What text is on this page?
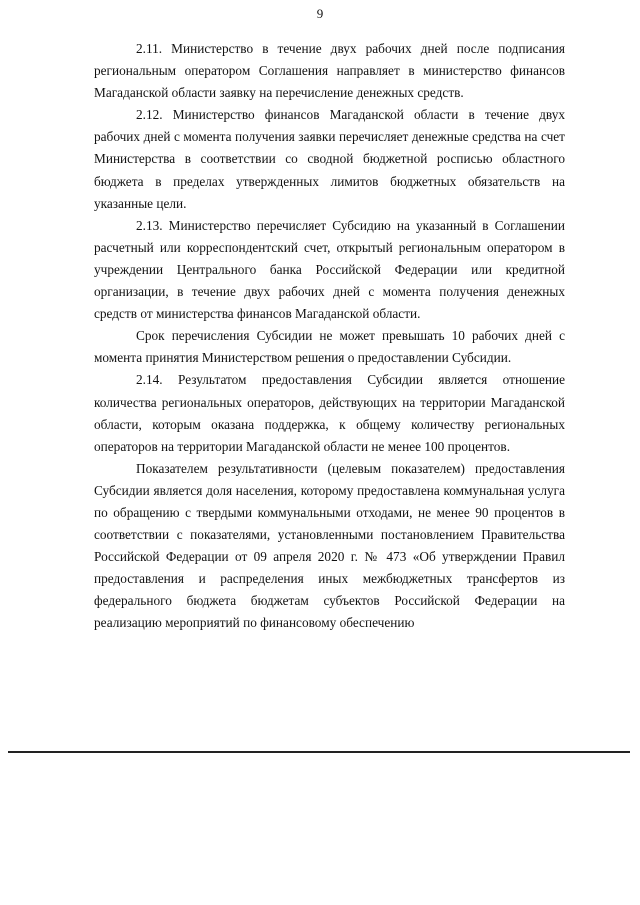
9

2.11. Министерство в течение двух рабочих дней после подписания региональным оператором Соглашения направляет в министерство финансов Магаданской области заявку на перечисление денежных средств.

2.12. Министерство финансов Магаданской области в течение двух рабочих дней с момента получения заявки перечисляет денежные средства на счет Министерства в соответствии со сводной бюджетной росписью областного бюджета в пределах утвержденных лимитов бюджетных обязательств на указанные цели.

2.13. Министерство перечисляет Субсидию на указанный в Соглашении расчетный или корреспондентский счет, открытый региональным оператором в учреждении Центрального банка Российской Федерации или кредитной организации, в течение двух рабочих дней с момента получения денежных средств от министерства финансов Магаданской области.

Срок перечисления Субсидии не может превышать 10 рабочих дней с момента принятия Министерством решения о предоставлении Субсидии.

2.14. Результатом предоставления Субсидии является отношение количества региональных операторов, действующих на территории Магаданской области, которым оказана поддержка, к общему количеству региональных операторов на территории Магаданской области не менее 100 процентов.

Показателем результативности (целевым показателем) предоставления Субсидии является доля населения, которому предоставлена коммунальная услуга по обращению с твердыми коммунальными отходами, не менее 90 процентов в соответствии с показателями, установленными постановлением Правительства Российской Федерации от 09 апреля 2020 г. № 473 «Об утверждении Правил предоставления и распределения иных межбюджетных трансфертов из федерального бюджета бюджетам субъектов Российской Федерации на реализацию мероприятий по финансовому обеспечению
